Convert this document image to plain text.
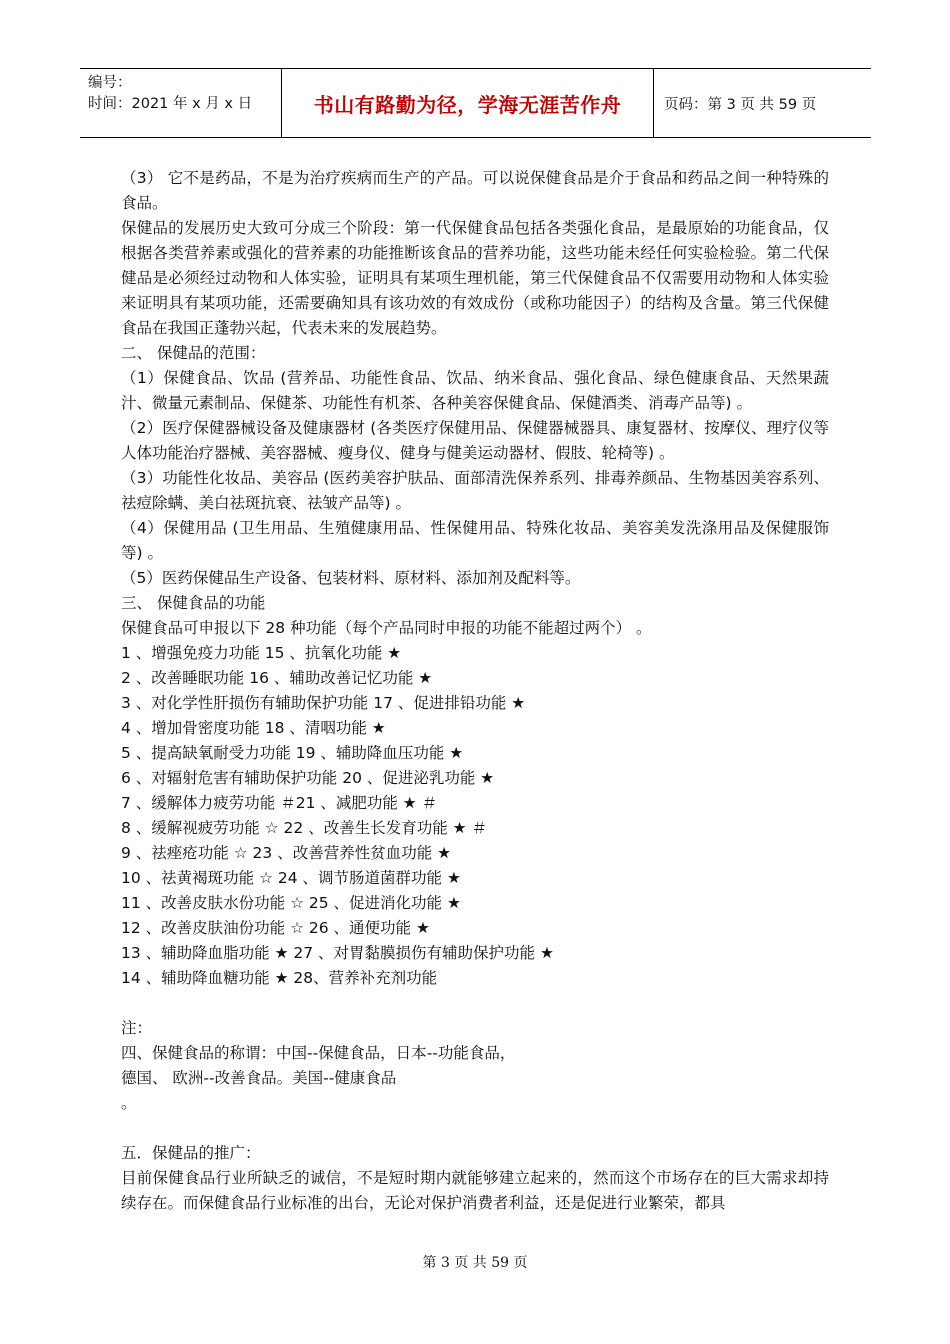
编号：
时间：2021 年 x 月 x 日	书山有路勤为径，学海无涯苦作舟	页码：第 3 页 共 59 页

（3） 它不是药品，不是为治疗疾病而生产的产品。可以说保健食品是介于食品和药品之间一种特殊的食品。

保健品的发展历史大致可分成三个阶段：第一代保健食品包括各类强化食品，是最原始的功能食品，仅根据各类营养素或强化的营养素的功能推断该食品的营养功能，这些功能未经任何实验检验。第二代保健品是必须经过动物和人体实验，证明具有某项生理机能，第三代保健食品不仅需要用动物和人体实验来证明具有某项功能，还需要确知具有该功效的有效成份（或称功能因子）的结构及含量。第三代保健食品在我国正蓬勃兴起，代表未来的发展趋势。

二、 保健品的范围：

（1）保健食品、饮品 (营养品、功能性食品、饮品、纳米食品、强化食品、绿色健康食品、天然果蔬汁、微量元素制品、保健茶、功能性有机茶、各种美容保健食品、保健酒类、消毒产品等) 。

（2）医疗保健器械设备及健康器材 (各类医疗保健用品、保健器械器具、康复器材、按摩仪、理疗仪等人体功能治疗器械、美容器械、瘦身仪、健身与健美运动器材、假肢、轮椅等) 。

（3）功能性化妆品、美容品 (医药美容护肤品、面部清洗保养系列、排毒养颜品、生物基因美容系列、祛痘除螨、美白祛斑抗衰、祛皱产品等) 。

（4）保健用品 (卫生用品、生殖健康用品、性保健用品、特殊化妆品、美容美发洗涤用品及保健服饰等) 。

（5）医药保健品生产设备、包装材料、原材料、添加剂及配料等。

三、 保健食品的功能

保健食品可申报以下 28 种功能（每个产品同时申报的功能不能超过两个） 。

1 、增强免疫力功能 15 、抗氧化功能 ★

2 、改善睡眠功能 16 、辅助改善记忆功能 ★

3 、对化学性肝损伤有辅助保护功能 17 、促进排铅功能 ★

4 、增加骨密度功能 18 、清咽功能 ★

5 、提高缺氧耐受力功能 19 、辅助降血压功能 ★

6 、对辐射危害有辅助保护功能 20 、促进泌乳功能 ★

7 、缓解体力疲劳功能 ＃21 、减肥功能 ★ ＃

8 、缓解视疲劳功能 ☆ 22 、改善生长发育功能 ★ ＃

9 、祛痤疮功能 ☆ 23 、改善营养性贫血功能 ★

10 、祛黄褐斑功能 ☆ 24 、调节肠道菌群功能 ★

11 、改善皮肤水份功能 ☆ 25 、促进消化功能 ★

12 、改善皮肤油份功能 ☆ 26 、通便功能 ★

13 、辅助降血脂功能 ★ 27 、对胃黏膜损伤有辅助保护功能 ★

14 、辅助降血糖功能 ★ 28、营养补充剂功能

注：

四、保健食品的称谓：中国--保健食品，日本--功能食品，

德国、 欧洲--改善食品。美国--健康食品

。

五．保健品的推广：

目前保健食品行业所缺乏的诚信，不是短时期内就能够建立起来的，然而这个市场存在的巨大需求却持续存在。而保健食品行业标准的出台，无论对保护消费者利益，还是促进行业繁荣，都具

第 3 页 共 59 页
